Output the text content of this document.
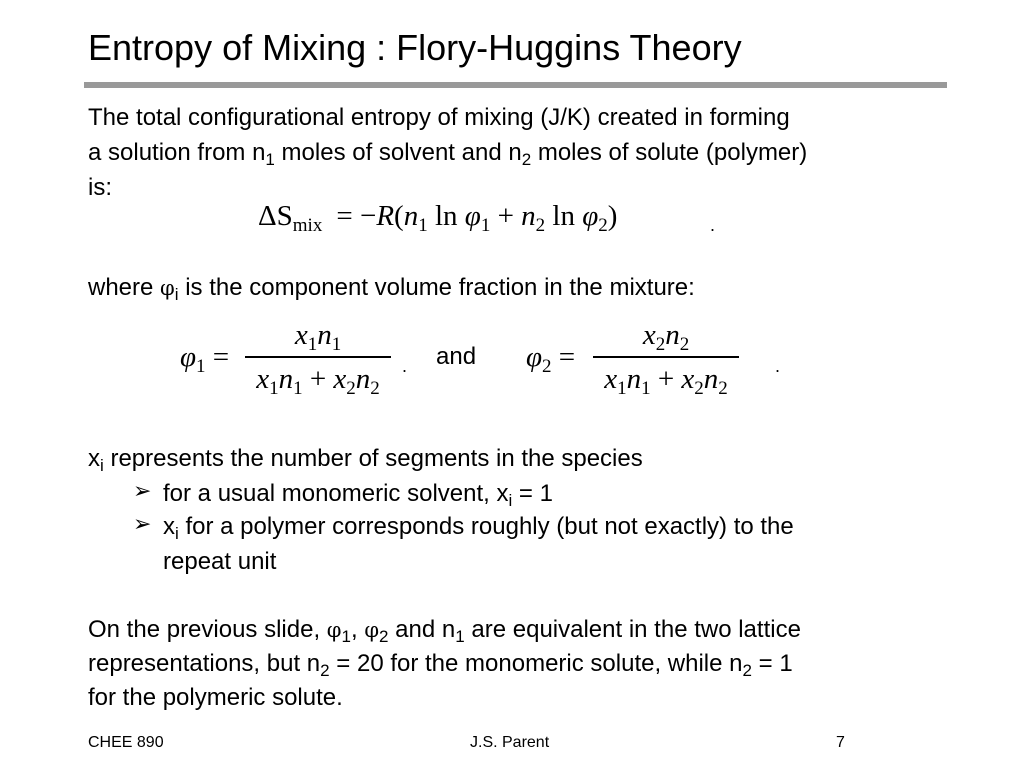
Entropy of Mixing : Flory-Huggins Theory
The total configurational entropy of mixing (J/K) created in forming
a solution from $n_1$ moles of solvent and $n_2$ moles of solute (polymer)
is:
$\Delta S_{mix} = -R(n_1$ $\ln \varphi_1 + n_2$ $\ln \varphi_2$)	.
where $\varphi_i$ is the component volume fraction in the mixture:
$\varphi_1$ =
$x_1n_1$
$x_1n_1 + x_2n_2$
. and $\varphi_2$ =
$x_2n_2$
$x_1n_1 + x_2n_2$
.
$x_i$ represents the number of segments in the species
➢ for a usual monomeric solvent, $x_i = 1$
➢ $x_i$ for a polymer corresponds roughly (but not exactly) to the
repeat unit
On the previous slide, $\varphi_1$, $\varphi_2$ and $n_1$ are equivalent in the two lattice
representations, but $n_2 = 20$ for the monomeric solute, while $n_2 = 1$
for the polymeric solute.
CHEE 890	J.S. Parent	7
